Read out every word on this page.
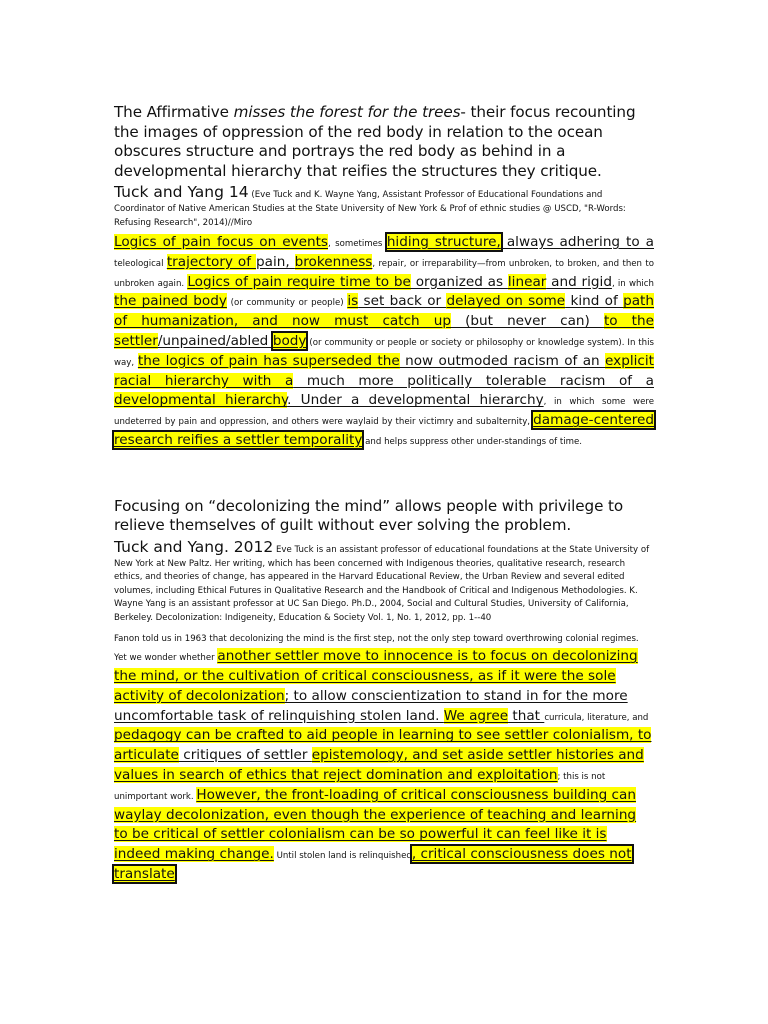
The Affirmative misses the forest for the trees- their focus recounting the images of oppression of the red body in relation to the ocean obscures structure and portrays the red body as behind in a developmental hierarchy that reifies the structures they critique.

Tuck and Yang 14 (Eve Tuck and K. Wayne Yang, Assistant Professor of Educational Foundations and Coordinator of Native American Studies at the State University of New York & Prof of ethnic studies @ USCD, "R-Words: Refusing Research", 2014)//Miro

Logics of pain focus on events, sometimes hiding structure, always adhering to a teleological trajectory of pain, brokenness, repair, or irreparability—from unbroken, to broken, and then to unbroken again. Logics of pain require time to be organized as linear and rigid, in which the pained body (or community or people) is set back or delayed on some kind of path of humanization, and now must catch up (but never can) to the settler/unpained/abled body (or community or people or society or philosophy or knowledge system). In this way, the logics of pain has superseded the now outmoded racism of an explicit racial hierarchy with a much more politically tolerable racism of a developmental hierarchy. Under a developmental hierarchy, in which some were undeterred by pain and oppression, and others were waylaid by their victimry and subalternity, damage-centered research reifies a settler temporality and helps suppress other under-standings of time.

Focusing on “decolonizing the mind” allows people with privilege to relieve themselves of guilt without ever solving the problem.

Tuck and Yang. 2012 Eve Tuck is an assistant professor of educational foundations at the State University of New York at New Paltz. Her writing, which has been concerned with Indigenous theories, qualitative research, research ethics, and theories of change, has appeared in the Harvard Educational Review, the Urban Review and several edited volumes, including Ethical Futures in Qualitative Research and the Handbook of Critical and Indigenous Methodologies. K. Wayne Yang is an assistant professor at UC San Diego. Ph.D., 2004, Social and Cultural Studies, University of California, Berkeley. Decolonization: Indigeneity, Education & Society Vol. 1, No. 1, 2012, pp. 1--40

Fanon told us in 1963 that decolonizing the mind is the first step, not the only step toward overthrowing colonial regimes. Yet we wonder whether another settler move to innocence is to focus on decolonizing the mind, or the cultivation of critical consciousness, as if it were the sole activity of decolonization; to allow conscientization to stand in for the more uncomfortable task of relinquishing stolen land. We agree that curricula, literature, and pedagogy can be crafted to aid people in learning to see settler colonialism, to articulate critiques of settler epistemology, and set aside settler histories and values in search of ethics that reject domination and exploitation; this is not unimportant work. However, the front-loading of critical consciousness building can waylay decolonization, even though the experience of teaching and learning to be critical of settler colonialism can be so powerful it can feel like it is indeed making change. Until stolen land is relinquished, critical consciousness does not translate
